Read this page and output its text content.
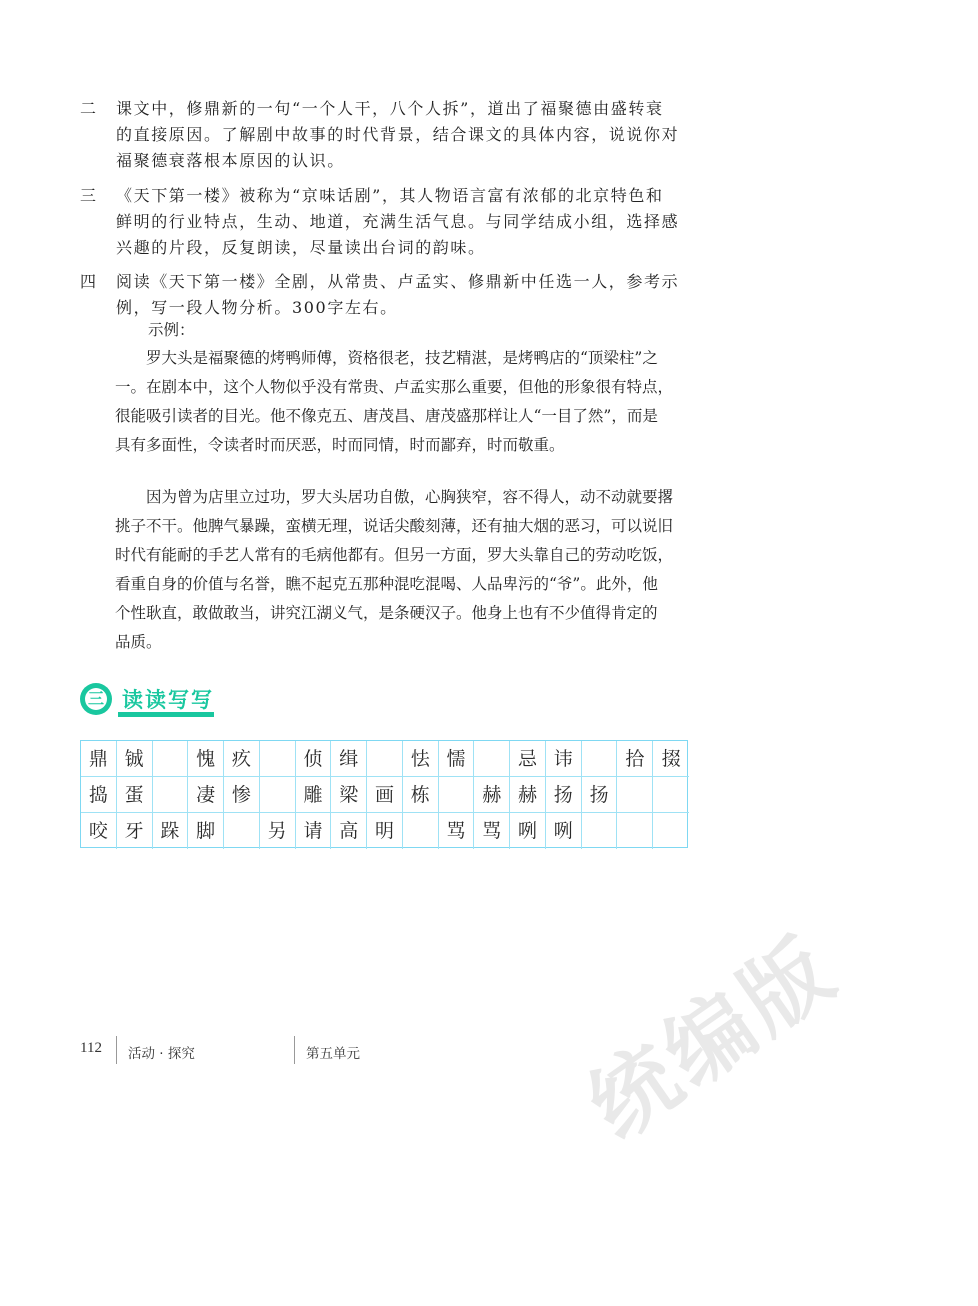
二	课文中，修鼎新的一句“一个人干，八个人拆”，道出了福聚德由盛转衰
的直接原因。了解剧中故事的时代背景，结合课文的具体内容，说说你对
福聚德衰落根本原因的认识。
三	《天下第一楼》被称为“京味话剧”，其人物语言富有浓郁的北京特色和
鲜明的行业特点，生动、地道，充满生活气息。与同学结成小组，选择感
兴趣的片段，反复朗读，尽量读出台词的韵味。
四	阅读《天下第一楼》全剧，从常贵、卢孟实、修鼎新中任选一人，参考示
例，写一段人物分析。300字左右。
示例：
　　罗大头是福聚德的烤鸭师傅，资格很老，技艺精湛，是烤鸭店的“顶梁柱”之
一。在剧本中，这个人物似乎没有常贵、卢孟实那么重要，但他的形象很有特点，
很能吸引读者的目光。他不像克五、唐茂昌、唐茂盛那样让人“一目了然”，而是
具有多面性，令读者时而厌恶，时而同情，时而鄙弃，时而敬重。
　　因为曾为店里立过功，罗大头居功自傲，心胸狭窄，容不得人，动不动就要撂
挑子不干。他脾气暴躁，蛮横无理，说话尖酸刻薄，还有抽大烟的恶习，可以说旧
时代有能耐的手艺人常有的毛病他都有。但另一方面，罗大头靠自己的劳动吃饭，
看重自身的价值与名誉，瞧不起克五那种混吃混喝、人品卑污的“爷”。此外，他
个性耿直，敢做敢当，讲究江湖义气，是条硬汉子。他身上也有不少值得肯定的
品质。
三 读读写写
鼎 铖	愧 疚	侦 缉	怯 懦	忌 讳	拾 掇
捣 蛋	凄 惨	雕 梁 画 栋	赫 赫 扬 扬
咬 牙 跺 脚	另 请 高 明	骂 骂 咧 咧
统编版
112 活动 · 探究	第五单元
